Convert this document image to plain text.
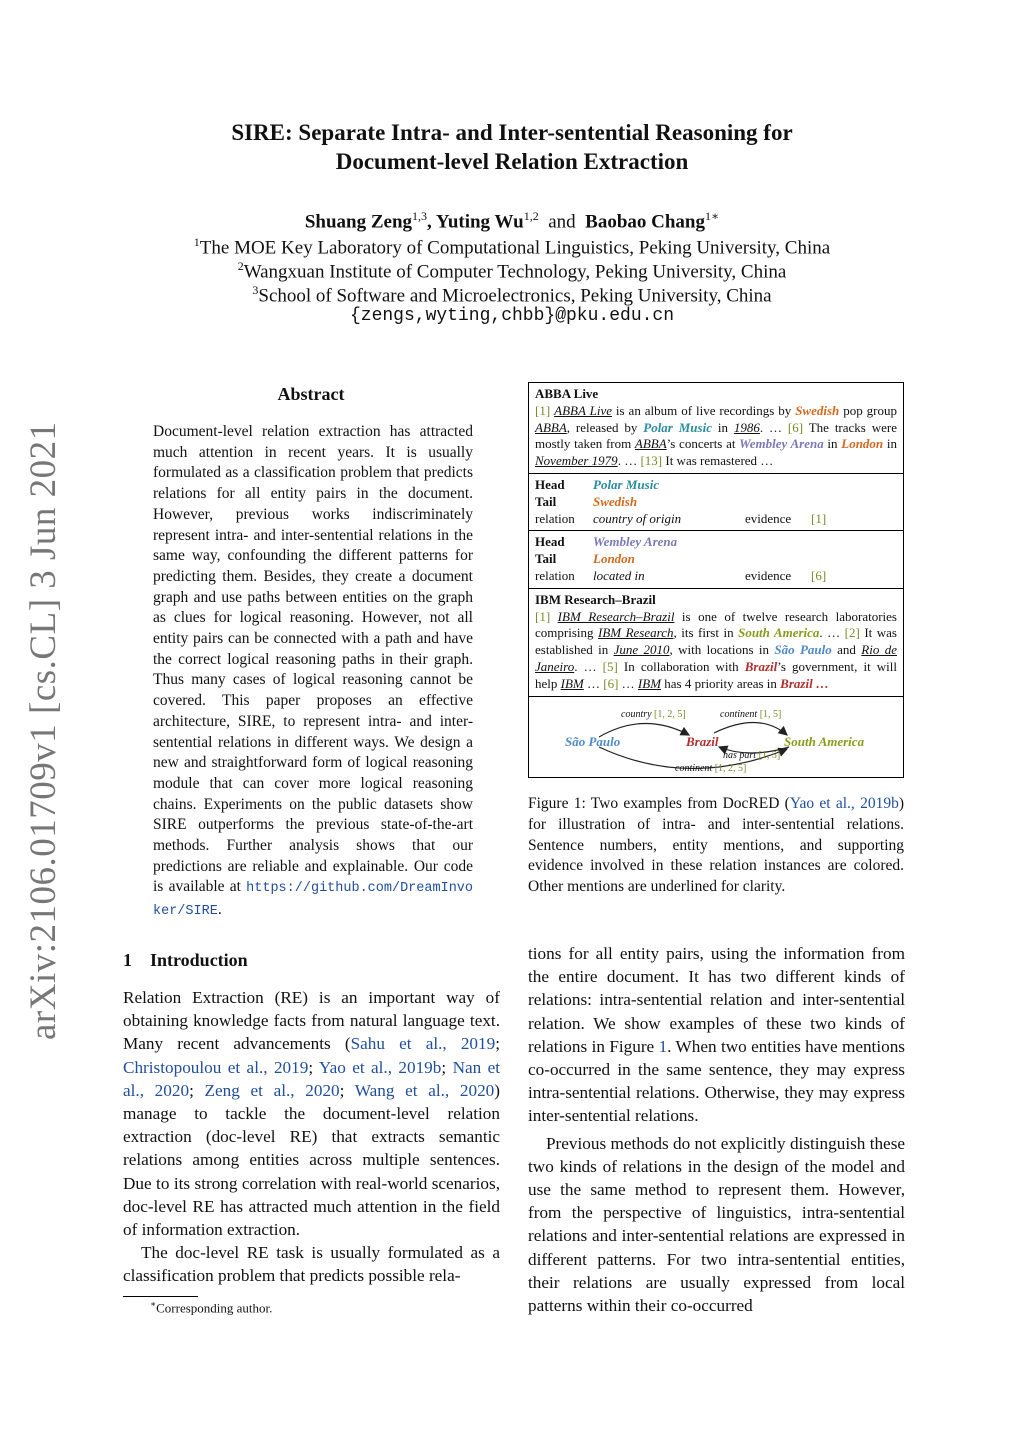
SIRE: Separate Intra- and Inter-sentential Reasoning for
Document-level Relation Extraction
Shuang Zeng$^{1,3}$, Yuting Wu$^{1,2}$ and Baobao Chang$^{1∗}$
$^1$The MOE Key Laboratory of Computational Linguistics, Peking University, China
$^2$Wangxuan Institute of Computer Technology, Peking University, China
$^3$School of Software and Microelectronics, Peking University, China
{zengs,wyting,chbb}@pku.edu.cn
arXiv:2106.01709v1 [cs.CL] 3 Jun 2021
Abstract
Document-level relation extraction has attracted much attention in recent years. It is usually formulated as a classification problem that predicts relations for all entity pairs in the document. However, previous works indiscriminately represent intra- and inter-sentential relations in the same way, confounding the different patterns for predicting them. Besides, they create a document graph and use paths between entities on the graph as clues for logical reasoning. However, not all entity pairs can be connected with a path and have the correct logical reasoning paths in their graph. Thus many cases of logical reasoning cannot be covered. This paper proposes an effective architecture, SIRE, to represent intra- and inter-sentential relations in different ways. We design a new and straightforward form of logical reasoning module that can cover more logical reasoning chains. Experiments on the public datasets show SIRE outperforms the previous state-of-the-art methods. Further analysis shows that our predictions are reliable and explainable. Our code is available at https://github.com/DreamInvoker/SIRE.
1 Introduction

Relation Extraction (RE) is an important way of obtaining knowledge facts from natural language text. Many recent advancements (Sahu et al., 2019; Christopoulou et al., 2019; Yao et al., 2019b; Nan et al., 2020; Zeng et al., 2020; Wang et al., 2020) manage to tackle the document-level relation extraction (doc-level RE) that extracts semantic relations among entities across multiple sentences. Due to its strong correlation with real-world scenarios, doc-level RE has attracted much attention in the field of information extraction.

The doc-level RE task is usually formulated as a classification problem that predicts possible rela-

∗Corresponding author.
ABBA Live
[1] ABBA Live is an album of live recordings by Swedish pop group ABBA, released by Polar Music in 1986. … [6] The tracks were mostly taken from ABBA’s concerts at Wembley Arena in London in November 1979. … [13] It was remastered …
Head	Polar Music
Tail	Swedish
relation	country of origin	evidence	[1]
Head	Wembley Arena
Tail	London
relation	located in	evidence	[6]
IBM Research–Brazil
[1] IBM Research–Brazil is one of twelve research laboratories comprising IBM Research, its first in South America. … [2] It was established in June 2010, with locations in São Paulo and Rio de Janeiro. … [5] In collaboration with Brazil’s government, it will help IBM … [6] … IBM has 4 priority areas in Brazil …
São Paulo	Brazil	South America
country [1, 2, 5]	continent [1, 5]
has part [1, 5]
continent [1, 2, 5]
Figure 1: Two examples from DocRED (Yao et al., 2019b) for illustration of intra- and inter-sentential relations. Sentence numbers, entity mentions, and supporting evidence involved in these relation instances are colored. Other mentions are underlined for clarity.

tions for all entity pairs, using the information from the entire document. It has two different kinds of relations: intra-sentential relation and inter-sentential relation. We show examples of these two kinds of relations in Figure 1. When two entities have mentions co-occurred in the same sentence, they may express intra-sentential relations. Otherwise, they may express inter-sentential relations.

Previous methods do not explicitly distinguish these two kinds of relations in the design of the model and use the same method to represent them. However, from the perspective of linguistics, intra-sentential relations and inter-sentential relations are expressed in different patterns. For two intra-sentential entities, their relations are usually expressed from local patterns within their co-occurred
